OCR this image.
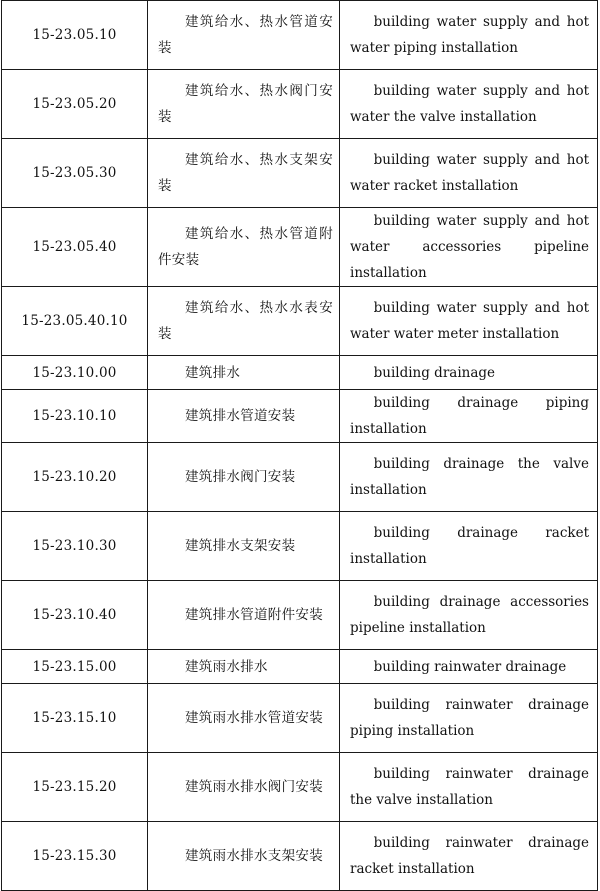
15-23.05.10	建筑给水、热水管道安装	building water supply and hot water piping installation
15-23.05.20	建筑给水、热水阀门安装	building water supply and hot water the valve installation
15-23.05.30	建筑给水、热水支架安装	building water supply and hot water racket installation
15-23.05.40	建筑给水、热水管道附件安装	building water supply and hot water accessories pipeline installation
15-23.05.40.10	建筑给水、热水水表安装	building water supply and hot water water meter installation
15-23.10.00	建筑排水	building drainage
15-23.10.10	建筑排水管道安装	building drainage piping installation
15-23.10.20	建筑排水阀门安装	building drainage the valve installation
15-23.10.30	建筑排水支架安装	building drainage racket installation
15-23.10.40	建筑排水管道附件安装	building drainage accessories pipeline installation
15-23.15.00	建筑雨水排水	building rainwater drainage
15-23.15.10	建筑雨水排水管道安装	building rainwater drainage piping installation
15-23.15.20	建筑雨水排水阀门安装	building rainwater drainage the valve installation
15-23.15.30	建筑雨水排水支架安装	building rainwater drainage racket installation
